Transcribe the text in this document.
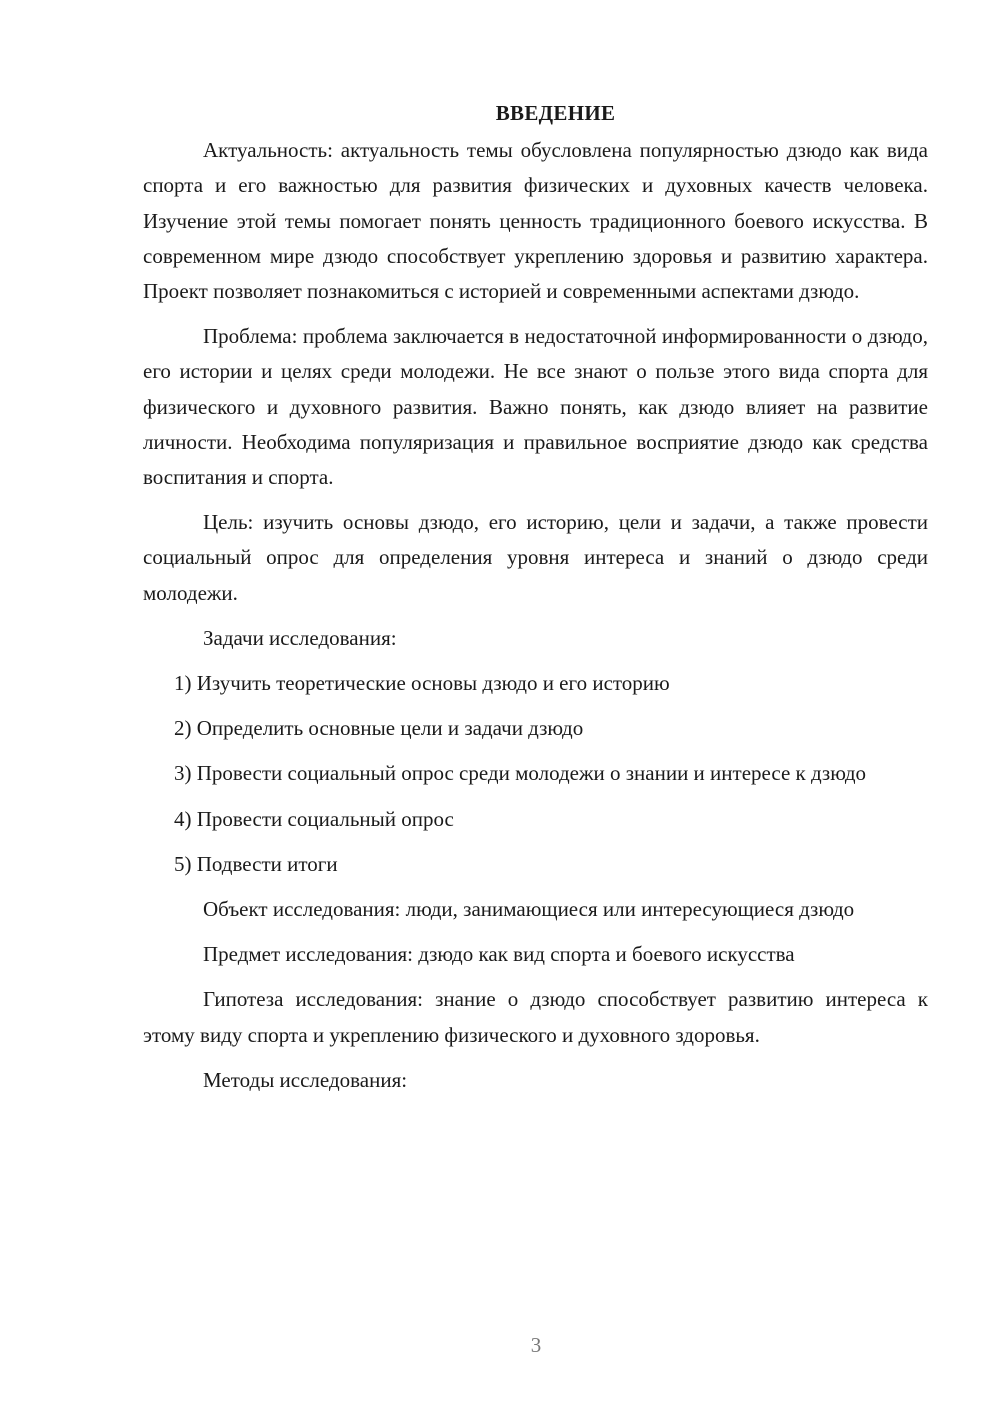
ВВЕДЕНИЕ

Актуальность: актуальность темы обусловлена популярностью дзюдо как вида спорта и его важностью для развития физических и духовных качеств человека. Изучение этой темы помогает понять ценность традиционного боевого искусства. В современном мире дзюдо способствует укреплению здоровья и развитию характера. Проект позволяет познакомиться с историей и современными аспектами дзюдо.

Проблема: проблема заключается в недостаточной информированности о дзюдо, его истории и целях среди молодежи. Не все знают о пользе этого вида спорта для физического и духовного развития. Важно понять, как дзюдо влияет на развитие личности. Необходима популяризация и правильное восприятие дзюдо как средства воспитания и спорта.

Цель: изучить основы дзюдо, его историю, цели и задачи, а также провести социальный опрос для определения уровня интереса и знаний о дзюдо среди молодежи.

Задачи исследования:

1) Изучить теоретические основы дзюдо и его историю

2) Определить основные цели и задачи дзюдо

3) Провести социальный опрос среди молодежи о знании и интересе к дзюдо

4) Провести социальный опрос

5) Подвести итоги

Объект исследования: люди, занимающиеся или интересующиеся дзюдо

Предмет исследования: дзюдо как вид спорта и боевого искусства

Гипотеза исследования: знание о дзюдо способствует развитию интереса к этому виду спорта и укреплению физического и духовного здоровья.

Методы исследования:

3
